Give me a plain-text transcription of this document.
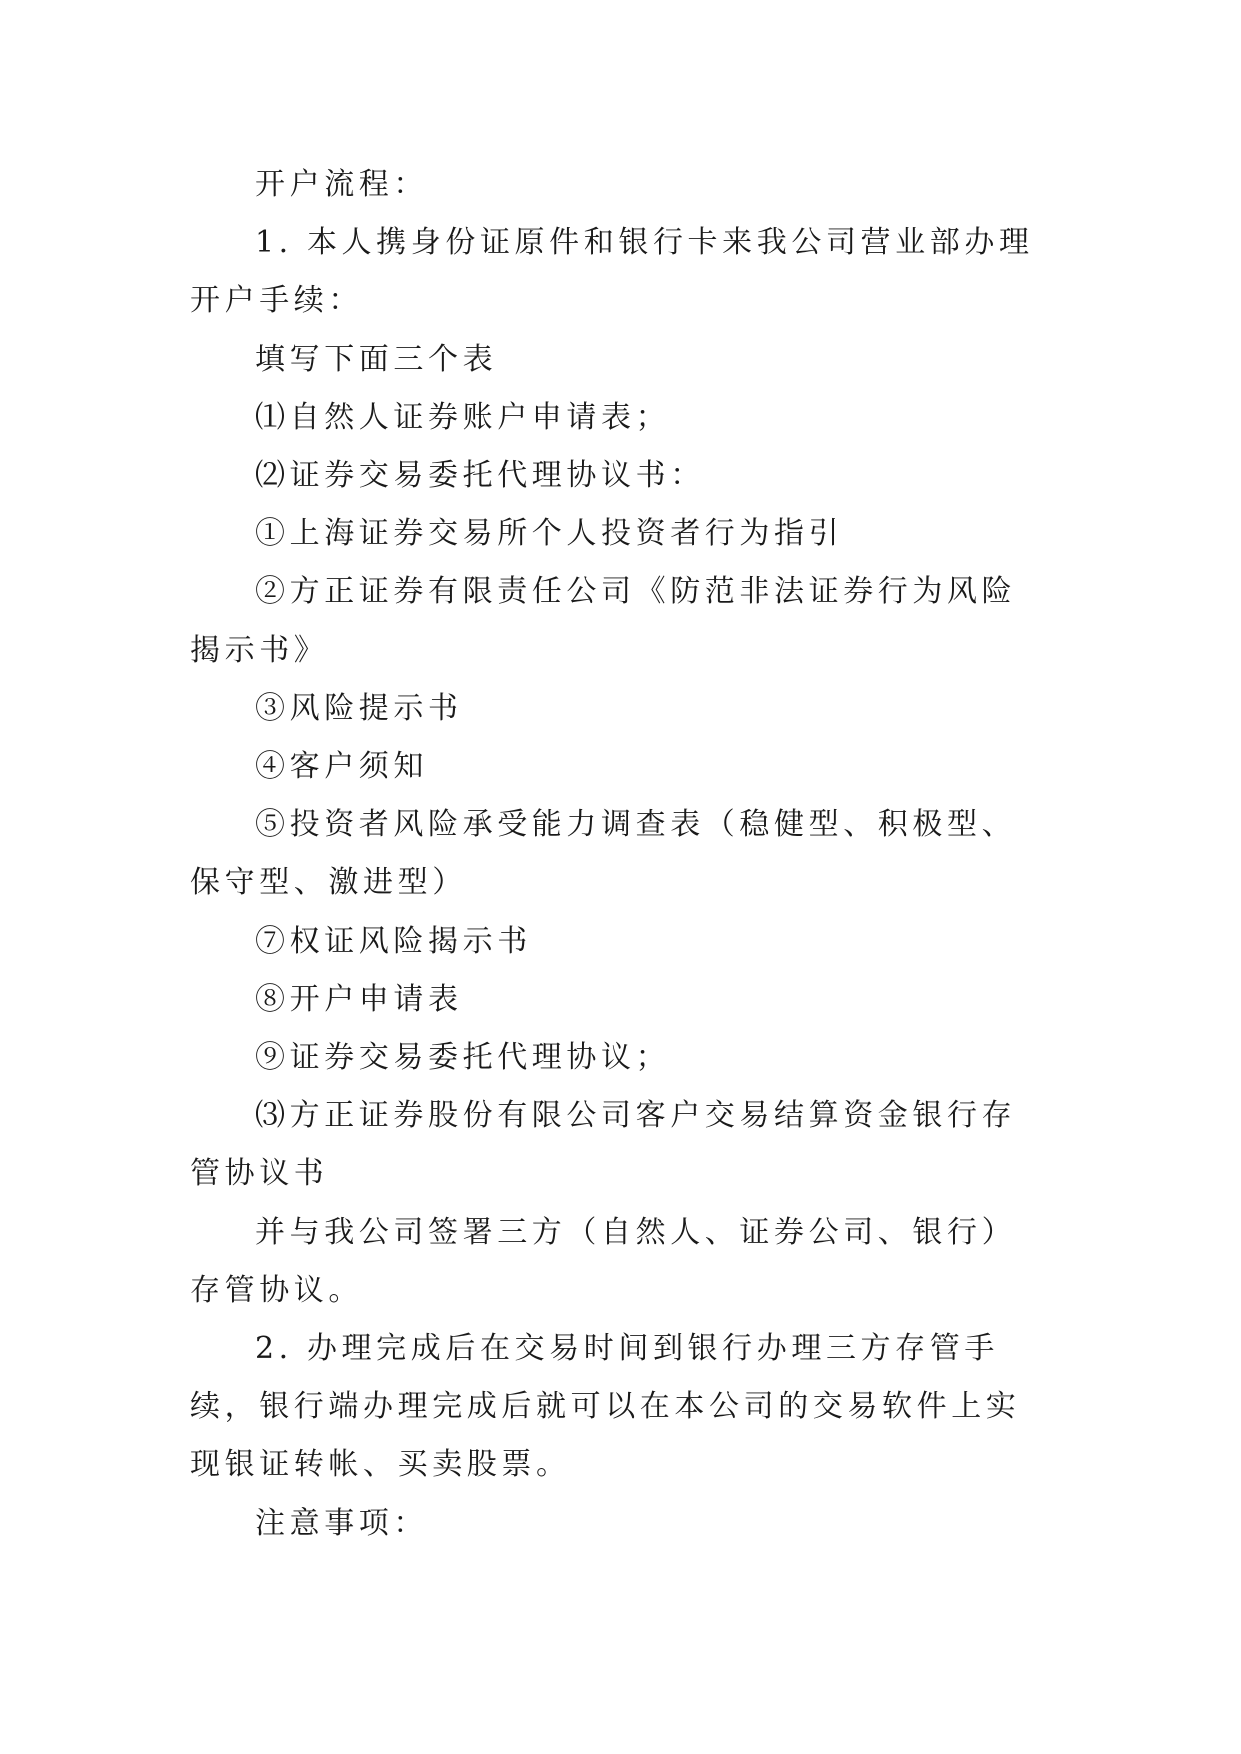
开户流程：

1. 本人携身份证原件和银行卡来我公司营业部办理开户手续：

填写下面三个表

⑴自然人证券账户申请表；

⑵证券交易委托代理协议书：

①上海证券交易所个人投资者行为指引

②方正证券有限责任公司《防范非法证券行为风险揭示书》

③风险提示书

④客户须知

⑤投资者风险承受能力调查表（稳健型、积极型、保守型、激进型）

⑦权证风险揭示书

⑧开户申请表

⑨证券交易委托代理协议；

⑶方正证券股份有限公司客户交易结算资金银行存管协议书

并与我公司签署三方（自然人、证券公司、银行）存管协议。

2. 办理完成后在交易时间到银行办理三方存管手续，银行端办理完成后就可以在本公司的交易软件上实现银证转帐、买卖股票。

注意事项：
